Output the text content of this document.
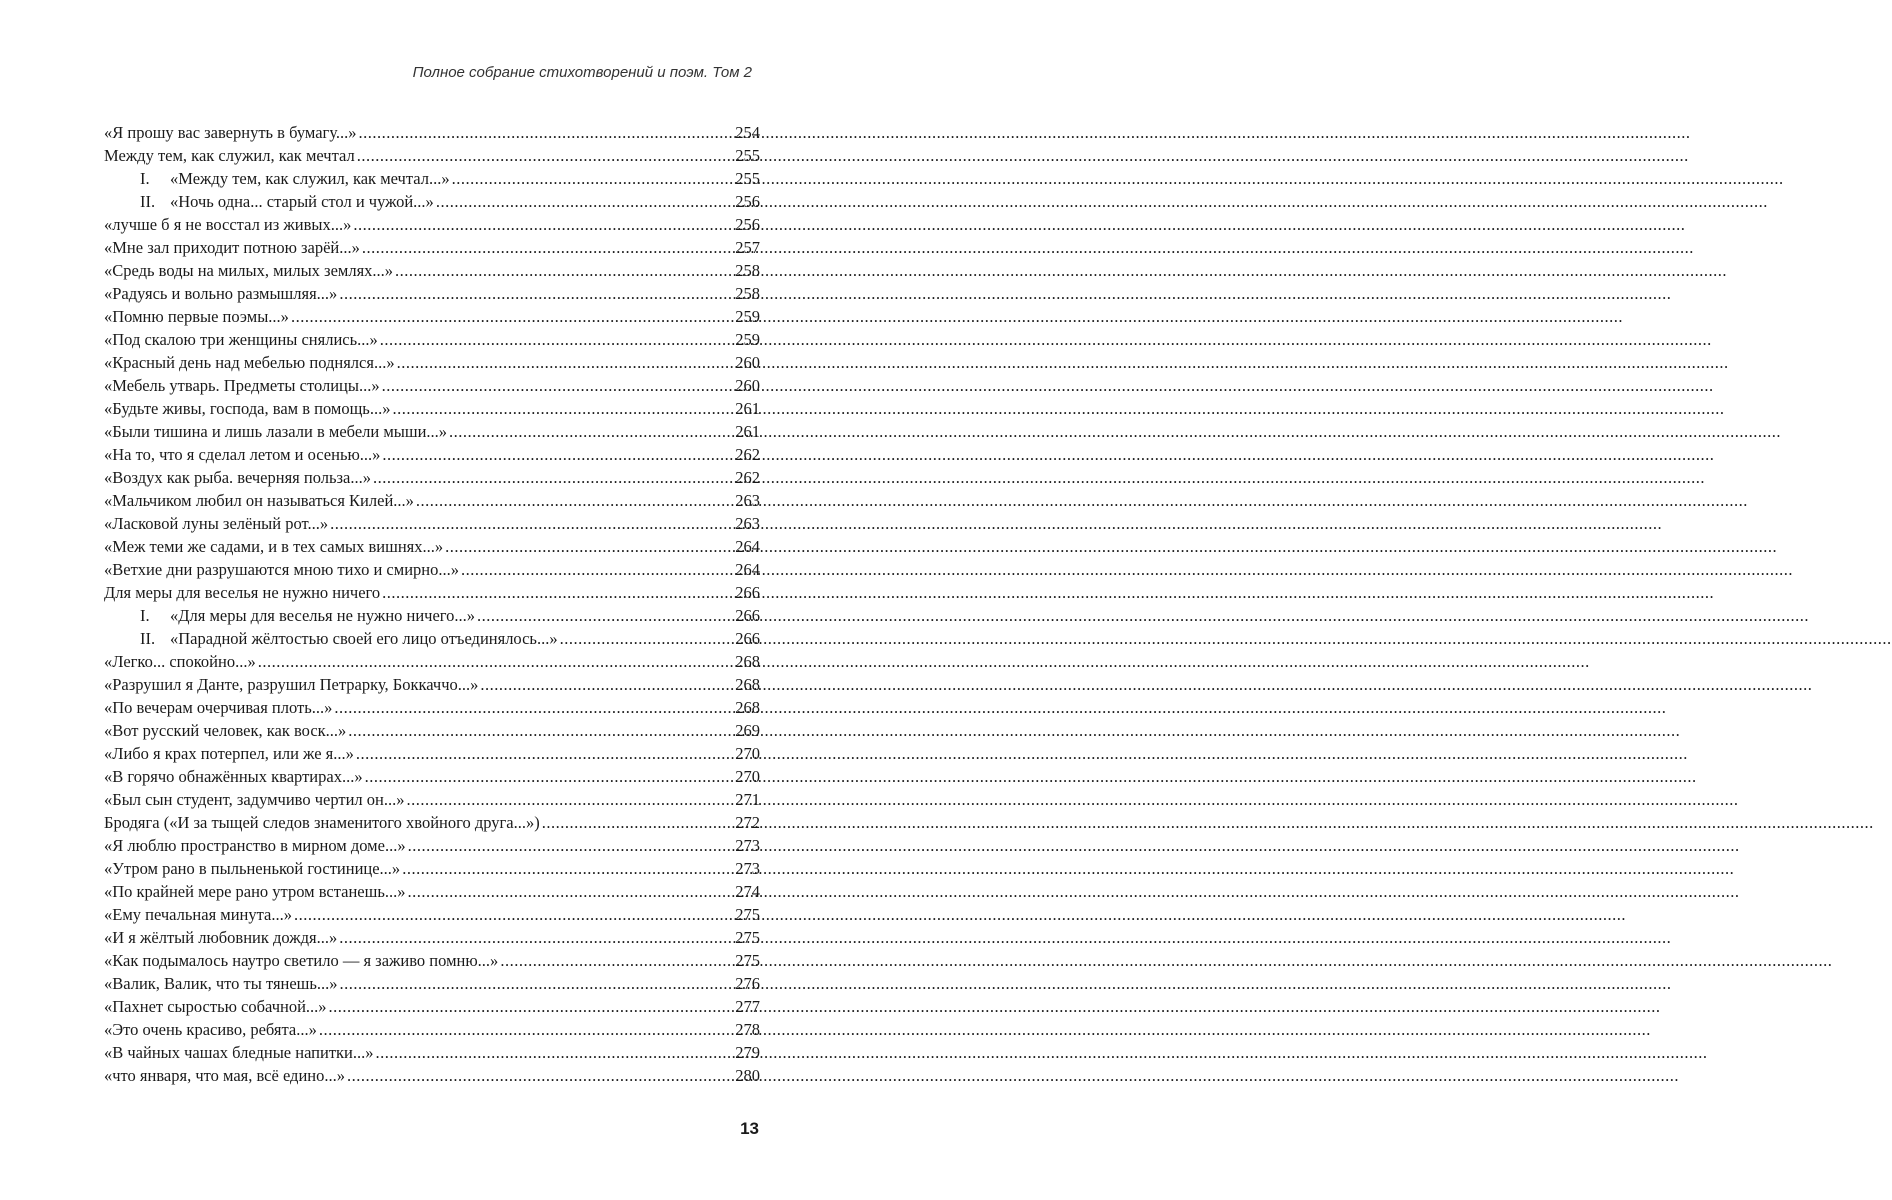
Полное собрание стихотворений и поэм. Том 2
«Я прошу вас завернуть в бумагу...» .....	254
Между тем, как служил, как мечтал .....	255
I.	«Между тем, как служил, как мечтал...» .....	255
II. «Ночь одна... старый стол и чужой...» .....	256
«лучше б я не восстал из живых...» .....	256
«Мне зал приходит потною зарёй...» .....	257
«Средь воды на милых, милых землях...» .....	258
«Радуясь и вольно размышляя...» .....	258
«Помню первые поэмы...» .....	259
«Под скалою три женщины снялись...» .....	259
«Красный день над мебелью поднялся...» .....	260
«Мебель утварь. Предметы столицы...» .....	260
«Будьте живы, господа, вам в помощь...» .....	261
«Были тишина и лишь лазали в мебели мыши...» .....	261
«На то, что я сделал летом и осенью...» .....	262
«Воздух как рыба. вечерняя польза...» .....	262
«Мальчиком любил он называться Килей...» .....	263
«Ласковой луны зелёный рот...» .....	263
«Меж теми же садами, и в тех самых вишнях...» .....	264
«Ветхие дни разрушаются мною тихо и смирно...» .....	264
Для меры для веселья не нужно ничего .....	266
I.	«Для меры для веселья не нужно ничего...» .....	266
II. «Парадной жёлтостью своей его лицо отъединялось...» .....	266
«Легко... спокойно...» .....	268
«Разрушил я Данте, разрушил Петрарку, Боккаччо...» .....	268
«По вечерам очерчивая плоть...» .....	268
«Вот русский человек, как воск...» .....	269
«Либо я крах потерпел, или же я...» .....	270
«В горячо обнажённых квартирах...» .....	270
«Был сын студент, задумчиво чертил он...» .....	271
Бродяга («И за тыщей следов знаменитого хвойного друга...») .....	272
«Я люблю пространство в мирном доме...» .....	273
«Утром рано в пыльненькой гостинице...» .....	273
«По крайней мере рано утром встанешь...» .....	274
«Ему печальная минута...» .....	275
«И я жёлтый любовник дождя...» .....	275
«Как подымалось наутро светило — я заживо помню...» .....	275
«Валик, Валик, что ты тянешь...» .....	276
«Пахнет сыростью собачной...» .....	277
«Это очень красиво, ребята...» .....	278
«В чайных чашах бледные напитки...» .....	279
«что января, что мая, всё едино...» .....	280
13
